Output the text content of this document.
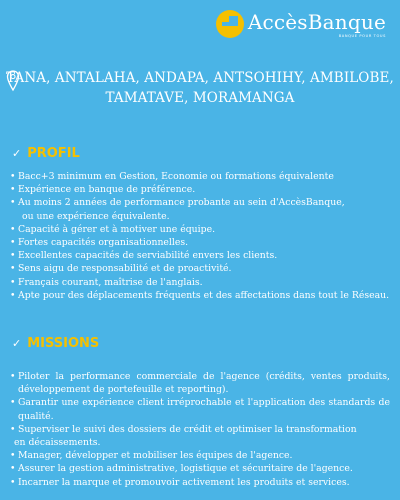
AccèsBanque
BANQUE POUR TOUS
TANA, ANTALAHA, ANDAPA, ANTSOHIHY, AMBILOBE,
TAMATAVE, MORAMANGA
✓ PROFIL
• Bacc+3 minimum en Gestion, Economie ou formations équivalente
• Expérience en banque de préférence.
• Au moins 2 années de performance probante au sein d'AccèsBanque,
ou une expérience équivalente.
• Capacité à gérer et à motiver une équipe.
• Fortes capacités organisationnelles.
• Excellentes capacités de serviabilité envers les clients.
• Sens aigu de responsabilité et de proactivité.
• Français courant, maîtrise de l'anglais.
• Apte pour des déplacements fréquents et des affectations dans tout le Réseau.
✓ MISSIONS
• Piloter la performance commerciale de l'agence (crédits, ventes produits, développement de portefeuille et reporting).
• Garantir une expérience client irréprochable et l'application des standards de qualité.
• Superviser le suivi des dossiers de crédit et optimiser la transformation
en décaissements.
• Manager, développer et mobiliser les équipes de l'agence.
• Assurer la gestion administrative, logistique et sécuritaire de l'agence.
• Incarner la marque et promouvoir activement les produits et services.
